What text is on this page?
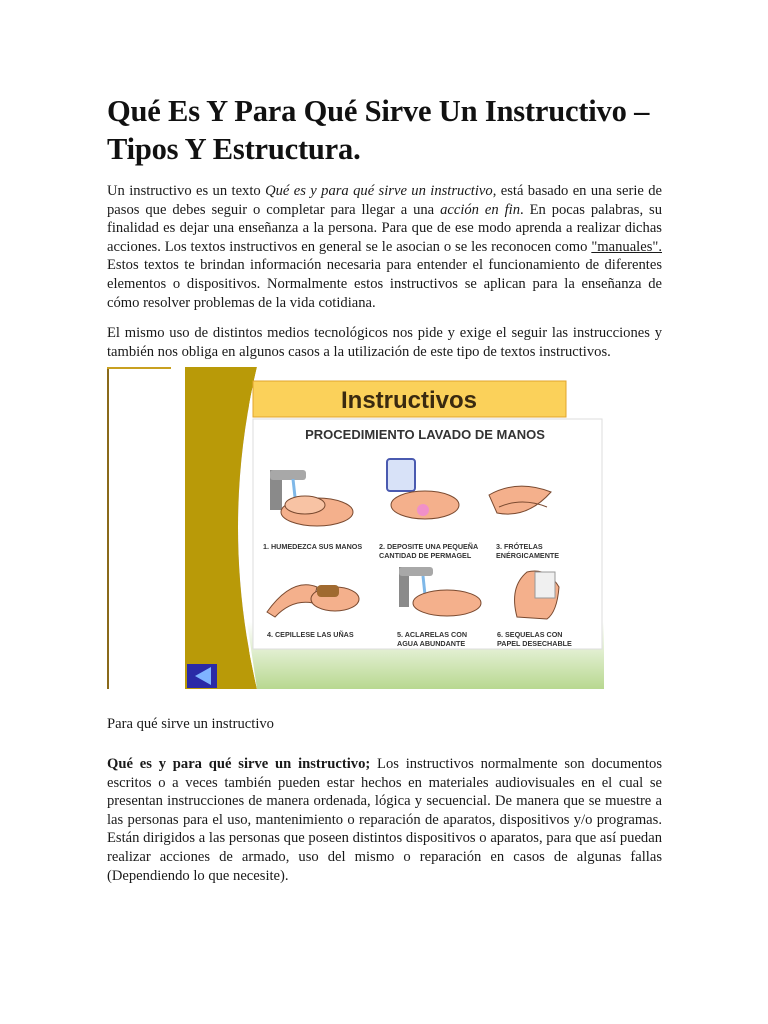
Qué Es Y Para Qué Sirve Un Instructivo – Tipos Y Estructura.

Un instructivo es un texto Qué es y para qué sirve un instructivo, está basado en una serie de pasos que debes seguir o completar para llegar a una acción en fin. En pocas palabras, su finalidad es dejar una enseñanza a la persona. Para que de ese modo aprenda a realizar dichas acciones. Los textos instructivos en general se le asocian o se les reconocen como "manuales". Estos textos te brindan información necesaria para entender el funcionamiento de diferentes elementos o dispositivos. Normalmente estos instructivos se aplican para la enseñanza de cómo resolver problemas de la vida cotidiana.

El mismo uso de distintos medios tecnológicos nos pide y exige el seguir las instrucciones y también nos obliga en algunos casos a la utilización de este tipo de textos instructivos.

Instructivos
PROCEDIMIENTO LAVADO DE MANOS
1. HUMEDEZCA SUS MANOS 2. DEPOSITE UNA PEQUEÑA
CANTIDAD DE PERMAGEL
3. FRÓTELAS
ENÉRGICAMENTE
4. CEPILLESE LAS UÑAS	5. ACLARELAS CON
AGUA ABUNDANTE
6. SEQUELAS CON
PAPEL DESECHABLE
Para qué sirve un instructivo

Qué es y para qué sirve un instructivo; Los instructivos normalmente son documentos escritos o a veces también pueden estar hechos en materiales audiovisuales en el cual se presentan instrucciones de manera ordenada, lógica y secuencial. De manera que se muestre a las personas para el uso, mantenimiento o reparación de aparatos, dispositivos y/o programas. Están dirigidos a las personas que poseen distintos dispositivos o aparatos, para que así puedan realizar acciones de armado, uso del mismo o reparación en casos de algunas fallas (Dependiendo lo que necesite).
